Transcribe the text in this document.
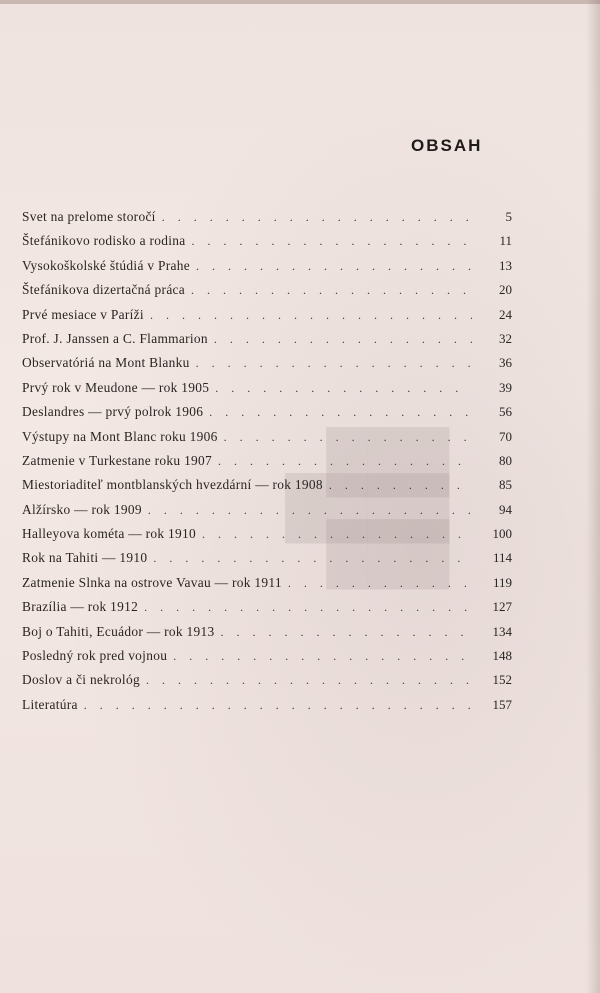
███
████
███
OBSAH
Svet na prelome storočí . . .	5
Štefánikovo rodisko a rodina . . .	11
Vysokoškolské štúdiá v Prahe . . .	13
Štefánikova dizertačná práca . . .	20
Prvé mesiace v Paríži . . .	24
Prof. J. Janssen a C. Flammarion . . .	32
Observatóriá na Mont Blanku . . .	36
Prvý rok v Meudone — rok 1905 . . .	39
Deslandres — prvý polrok 1906 . . .	56
Výstupy na Mont Blanc roku 1906 . . .	70
Zatmenie v Turkestane roku 1907 . . .	80
Miestoriaditeľ montblanských hvezdární — rok 1908 . . .	85
Alžírsko — rok 1909 . . .	94
Halleyova kométa — rok 1910 . . .	100
Rok na Tahiti — 1910 . . .	114
Zatmenie Slnka na ostrove Vavau — rok 1911 . . .	119
Brazília — rok 1912 . . .	127
Boj o Tahiti, Ecuádor — rok 1913 . . .	134
Posledný rok pred vojnou . . .	148
Doslov a či nekrológ . . .	152
Literatúra . . .	157
